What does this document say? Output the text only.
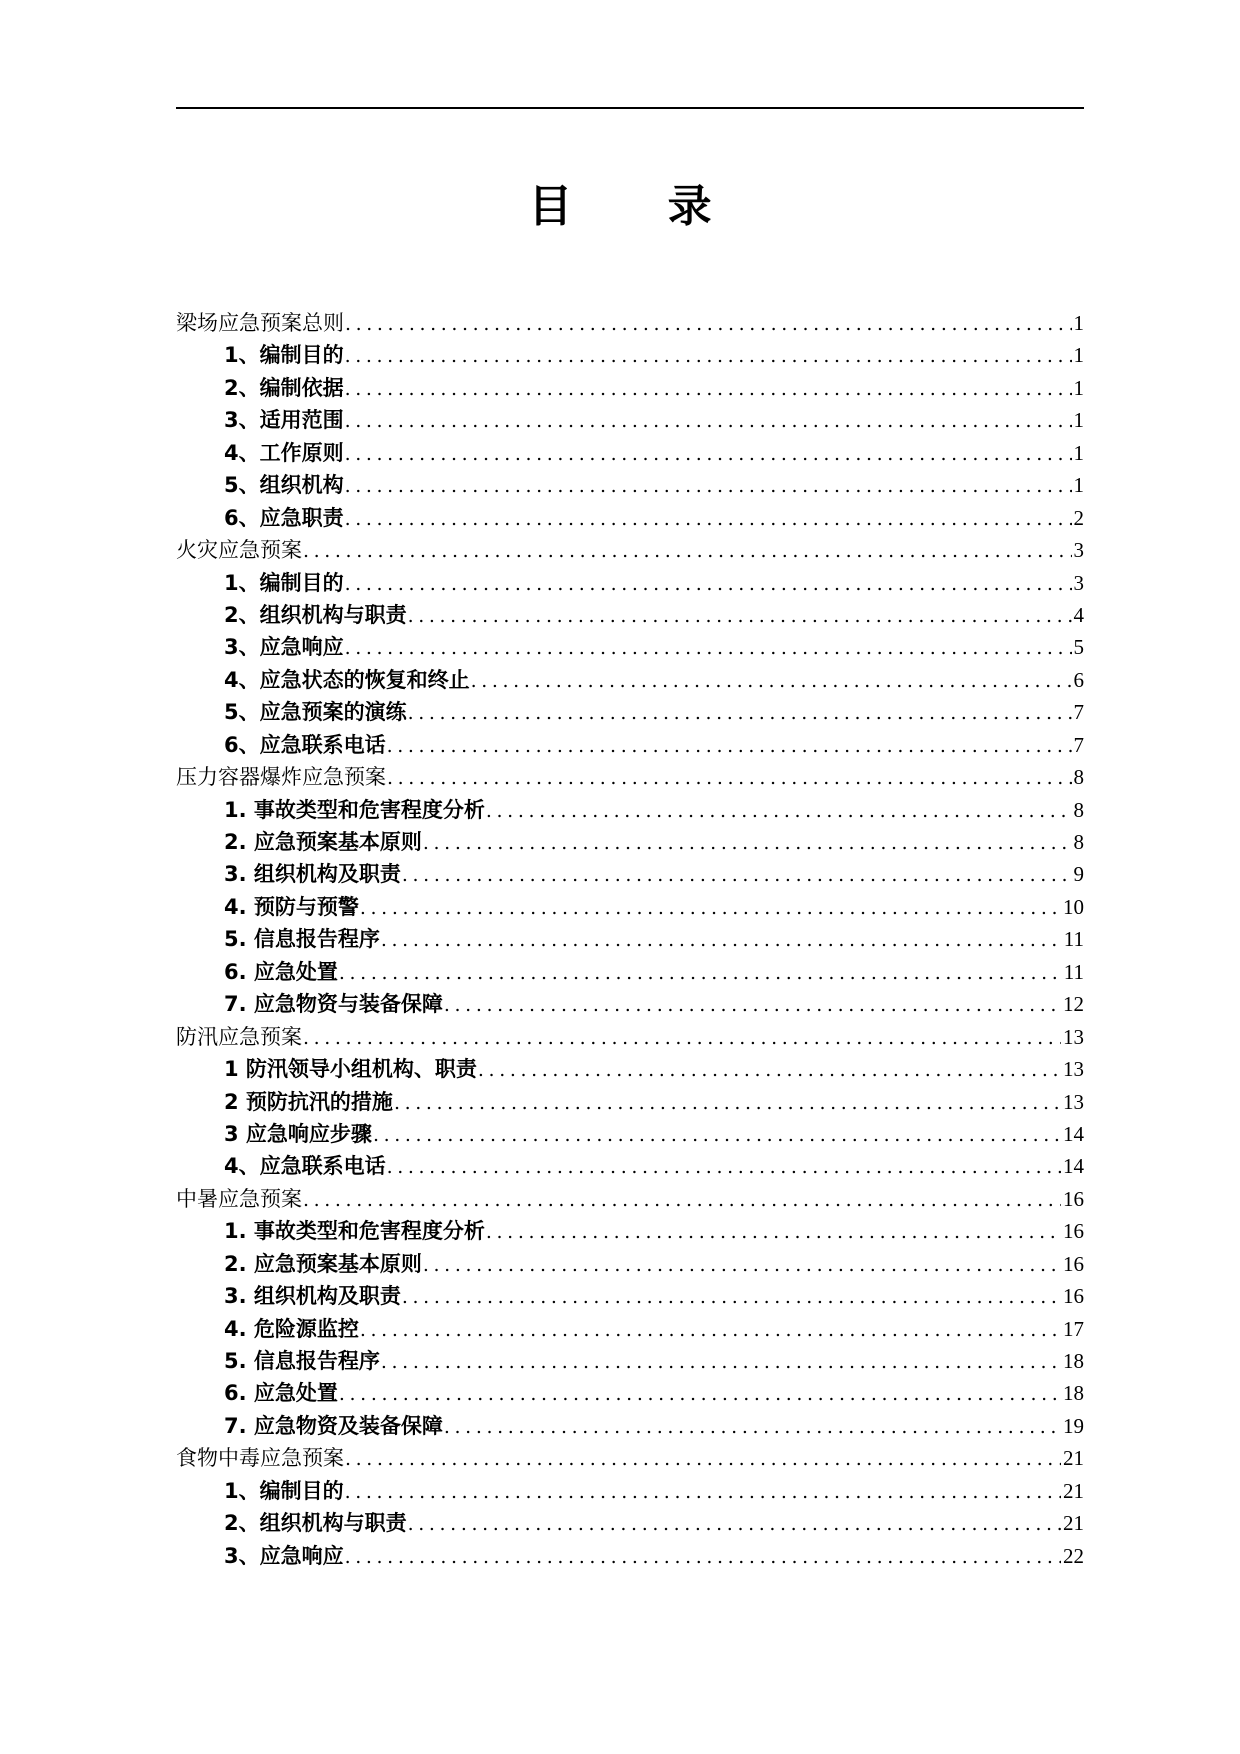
目 录
梁场应急预案总则 .....	1
1、编制目的 .....	1
2、编制依据 .....	1
3、适用范围 .....	1
4、工作原则 .....	1
5、组织机构 .....	1
6、应急职责 .....	2
火灾应急预案 .....	3
1、编制目的 .....	3
2、组织机构与职责 .....	4
3、应急响应 .....	5
4、应急状态的恢复和终止 .....	6
5、应急预案的演练 .....	7
6、应急联系电话 .....	7
压力容器爆炸应急预案 .....	8
1. 事故类型和危害程度分析 .....	8
2. 应急预案基本原则 .....	8
3. 组织机构及职责 .....	9
4. 预防与预警 .....	10
5. 信息报告程序 .....	11
6. 应急处置 .....	11
7. 应急物资与装备保障 .....	12
防汛应急预案 .....	13
1 防汛领导小组机构、职责 .....	13
2 预防抗汛的措施 .....	13
3 应急响应步骤 .....	14
4、应急联系电话 .....	14
中暑应急预案 .....	16
1. 事故类型和危害程度分析 .....	16
2. 应急预案基本原则 .....	16
3. 组织机构及职责 .....	16
4. 危险源监控 .....	17
5. 信息报告程序 .....	18
6. 应急处置 .....	18
7. 应急物资及装备保障 .....	19
食物中毒应急预案 .....	21
1、编制目的 .....	21
2、组织机构与职责 .....	21
3、应急响应 .....	22
